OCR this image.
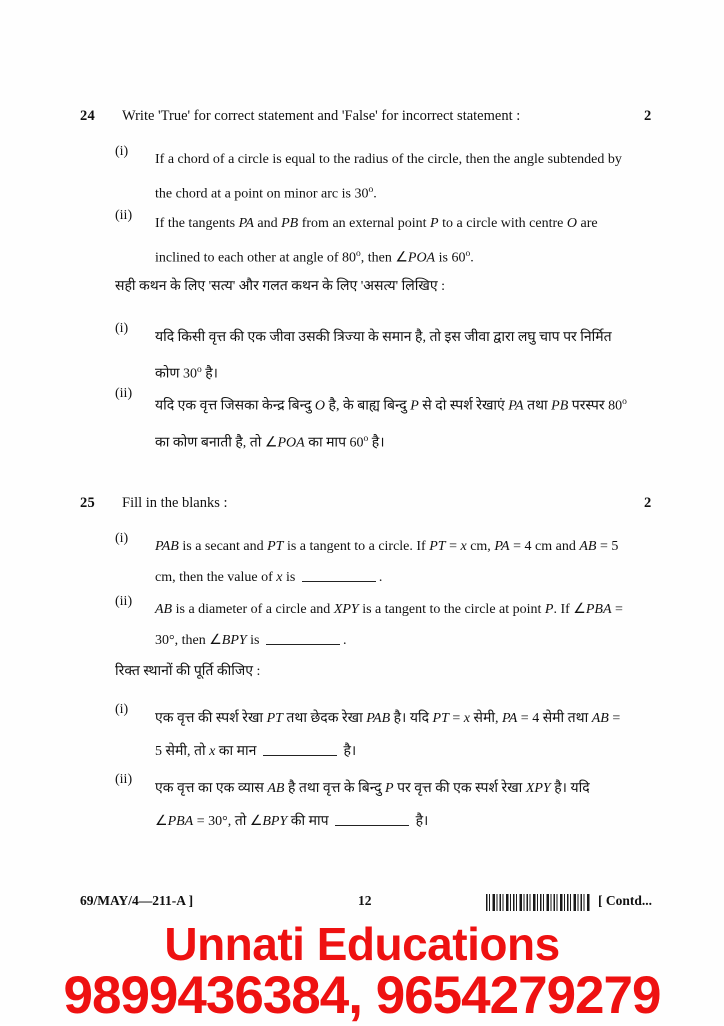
24 Write 'True' for correct statement and 'False' for incorrect statement :	2
(i)
If a chord of a circle is equal to the radius of the circle, then the angle subtended by the chord at a point on minor arc is 30$^o$.
(ii)
If the tangents PA and PB from an external point P to a circle with centre O are inclined to each other at angle of 80$^o$, then ∠POA is 60$^o$.
सही कथन के लिए 'सत्य' और गलत कथन के लिए 'असत्य' लिखिए :
(i)
यदि किसी वृत्त की एक जीवा उसकी त्रिज्या के समान है, तो इस जीवा द्वारा लघु चाप पर निर्मित कोण 30$^o$ है।
(ii)
यदि एक वृत्त जिसका केन्द्र बिन्दु O है, के बाह्य बिन्दु P से दो स्पर्श रेखाएं PA तथा PB परस्पर 80$^o$ का कोण बनाती है, तो ∠POA का माप 60$^o$ है।
25 Fill in the blanks :	2
(i)
PAB is a secant and PT is a tangent to a circle. If PT = x cm, PA = 4 cm and AB = 5 cm, then the value of x is	.
(ii)
AB is a diameter of a circle and XPY is a tangent to the circle at point P. If ∠PBA = 30°, then ∠BPY is	.
रिक्त स्थानों की पूर्ति कीजिए :
(i)
एक वृत्त की स्पर्श रेखा PT तथा छेदक रेखा PAB है। यदि PT = x सेमी, PA = 4 सेमी तथा AB = 5 सेमी, तो x का मान	है।
(ii)
एक वृत्त का एक व्यास AB है तथा वृत्त के बिन्दु P पर वृत्त की एक स्पर्श रेखा XPY है। यदि ∠PBA = 30°, तो ∠BPY की माप	है।
69/MAY/4—211-A ]	12	[ Contd...
Unnati Educations
9899436384, 9654279279
